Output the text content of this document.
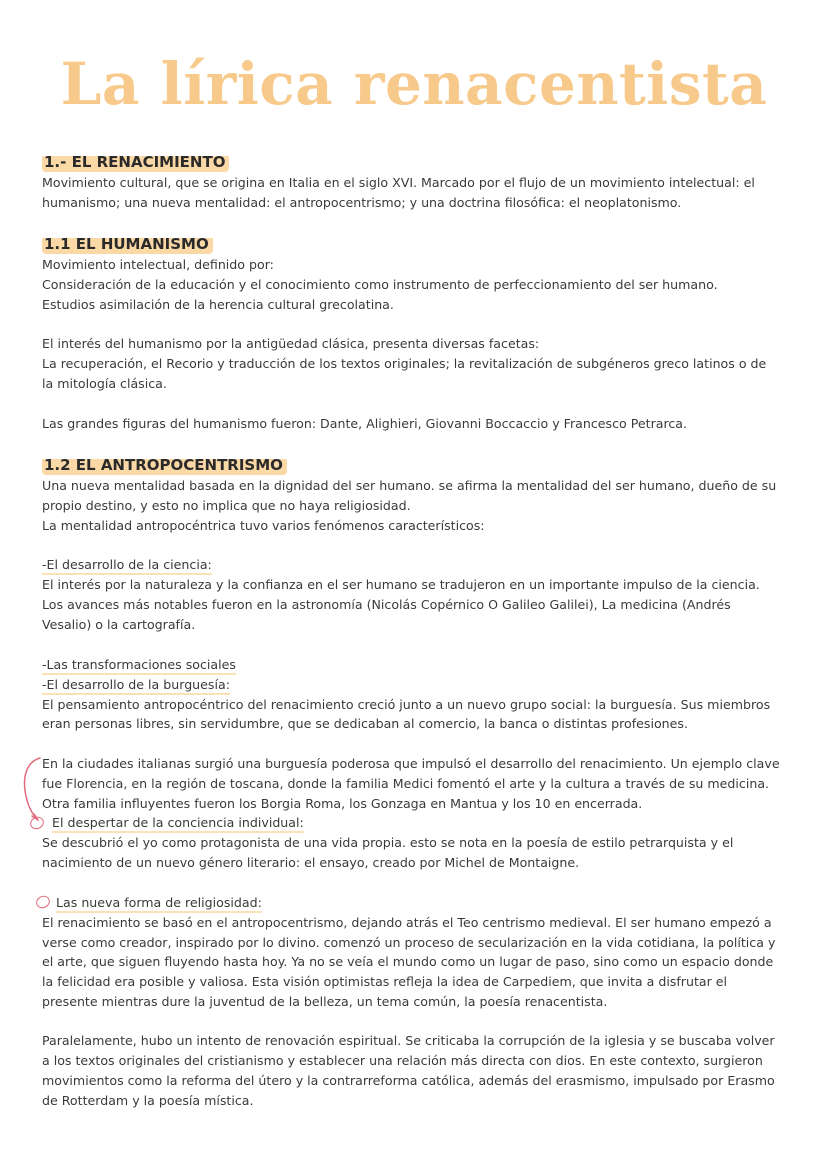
La lírica renacentista
1.- EL RENACIMIENTO

Movimiento cultural, que se origina en Italia en el siglo XVI. Marcado por el flujo de un movimiento intelectual: el

humanismo; una nueva mentalidad: el antropocentrismo; y una doctrina filosófica: el neoplatonismo.

1.1 EL HUMANISMO

Movimiento intelectual, definido por:

Consideración de la educación y el conocimiento como instrumento de perfeccionamiento del ser humano.

Estudios asimilación de la herencia cultural grecolatina.

El interés del humanismo por la antigüedad clásica, presenta diversas facetas:

La recuperación, el Recorio y traducción de los textos originales; la revitalización de subgéneros greco latinos o de

la mitología clásica.

Las grandes figuras del humanismo fueron: Dante, Alighieri, Giovanni Boccaccio y Francesco Petrarca.

1.2 EL ANTROPOCENTRISMO

Una nueva mentalidad basada en la dignidad del ser humano. se afirma la mentalidad del ser humano, dueño de su

propio destino, y esto no implica que no haya religiosidad.

La mentalidad antropocéntrica tuvo varios fenómenos característicos:

-El desarrollo de la ciencia:

El interés por la naturaleza y la confianza en el ser humano se tradujeron en un importante impulso de la ciencia.

Los avances más notables fueron en la astronomía (Nicolás Copérnico O Galileo Galilei), La medicina (Andrés

Vesalio) o la cartografía.

-Las transformaciones sociales

-El desarrollo de la burguesía:

El pensamiento antropocéntrico del renacimiento creció junto a un nuevo grupo social: la burguesía. Sus miembros

eran personas libres, sin servidumbre, que se dedicaban al comercio, la banca o distintas profesiones.

En la ciudades italianas surgió una burguesía poderosa que impulsó el desarrollo del renacimiento. Un ejemplo clave

fue Florencia, en la región de toscana, donde la familia Medici fomentó el arte y la cultura a través de su medicina.

Otra familia influyentes fueron los Borgia Roma, los Gonzaga en Mantua y los 10 en encerrada.

El despertar de la conciencia individual:

Se descubrió el yo como protagonista de una vida propia. esto se nota en la poesía de estilo petrarquista y el

nacimiento de un nuevo género literario: el ensayo, creado por Michel de Montaigne.

Las nueva forma de religiosidad:

El renacimiento se basó en el antropocentrismo, dejando atrás el Teo centrismo medieval. El ser humano empezó a

verse como creador, inspirado por lo divino. comenzó un proceso de secularización en la vida cotidiana, la política y

el arte, que siguen fluyendo hasta hoy. Ya no se veía el mundo como un lugar de paso, sino como un espacio donde

la felicidad era posible y valiosa. Esta visión optimistas refleja la idea de Carpediem, que invita a disfrutar el

presente mientras dure la juventud de la belleza, un tema común, la poesía renacentista.

Paralelamente, hubo un intento de renovación espiritual. Se criticaba la corrupción de la iglesia y se buscaba volver

a los textos originales del cristianismo y establecer una relación más directa con dios. En este contexto, surgieron

movimientos como la reforma del útero y la contrarreforma católica, además del erasmismo, impulsado por Erasmo

de Rotterdam y la poesía mística.
